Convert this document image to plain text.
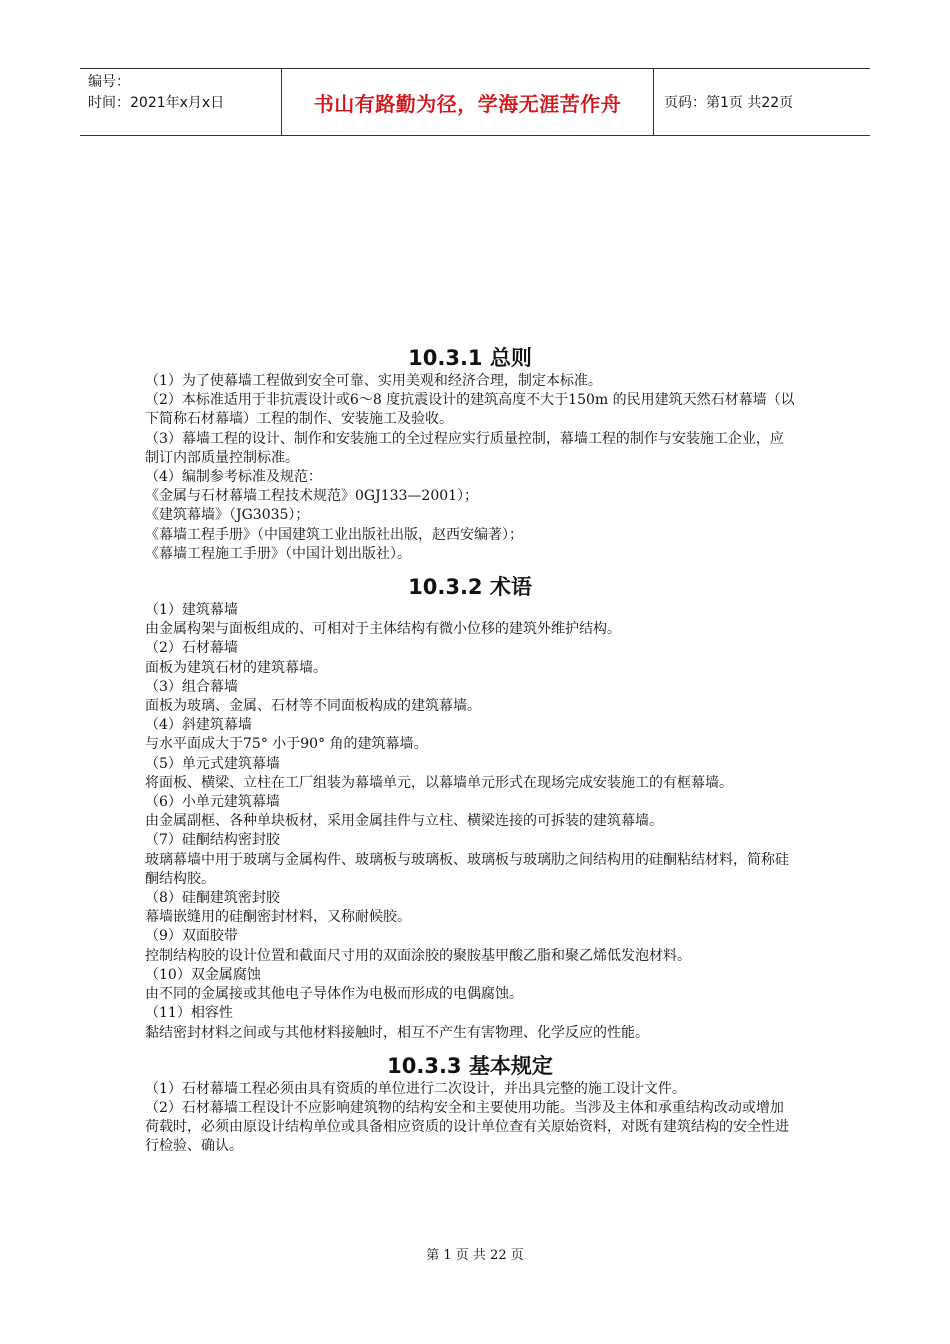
编号：
时间：2021年x月x日	书山有路勤为径，学海无涯苦作舟	页码：第1页 共22页
10.3.1 总则

（1）为了使幕墙工程做到安全可靠、实用美观和经济合理，制定本标准。

（2）本标准适用于非抗震设计或6～8 度抗震设计的建筑高度不大于150m 的民用建筑天然石材幕墙（以下简称石材幕墙）工程的制作、安装施工及验收。

（3）幕墙工程的设计、制作和安装施工的全过程应实行质量控制，幕墙工程的制作与安装施工企业，应制订内部质量控制标准。

（4）编制参考标准及规范：

《金属与石材幕墙工程技术规范》0GJ133—2001）；

《建筑幕墙》（JG3035）；

《幕墙工程手册》（中国建筑工业出版社出版，赵西安编著）；

《幕墙工程施工手册》（中国计划出版社）。

10.3.2 术语

（1）建筑幕墙

由金属构架与面板组成的、可相对于主体结构有微小位移的建筑外维护结构。

（2）石材幕墙

面板为建筑石材的建筑幕墙。

（3）组合幕墙

面板为玻璃、金属、石材等不同面板构成的建筑幕墙。

（4）斜建筑幕墙

与水平面成大于75° 小于90° 角的建筑幕墙。

（5）单元式建筑幕墙

将面板、横梁、立柱在工厂组装为幕墙单元，以幕墙单元形式在现场完成安装施工的有框幕墙。

（6）小单元建筑幕墙

由金属副框、各种单块板材，采用金属挂件与立柱、横梁连接的可拆装的建筑幕墙。

（7）硅酮结构密封胶

玻璃幕墙中用于玻璃与金属构件、玻璃板与玻璃板、玻璃板与玻璃肋之间结构用的硅酮粘结材料，简称硅酮结构胶。

（8）硅酮建筑密封胶

幕墙嵌缝用的硅酮密封材料，又称耐候胶。

（9）双面胶带

控制结构胶的设计位置和截面尺寸用的双面涂胶的聚胺基甲酸乙脂和聚乙烯低发泡材料。

（10）双金属腐蚀

由不同的金属接或其他电子导体作为电极而形成的电偶腐蚀。

（11）相容性

黏结密封材料之间或与其他材料接触时，相互不产生有害物理、化学反应的性能。

10.3.3 基本规定

（1）石材幕墙工程必须由具有资质的单位进行二次设计，并出具完整的施工设计文件。

（2）石材幕墙工程设计不应影响建筑物的结构安全和主要使用功能。当涉及主体和承重结构改动或增加荷载时，必须由原设计结构单位或具备相应资质的设计单位查有关原始资料，对既有建筑结构的安全性进行检验、确认。

第 1 页 共 22 页
